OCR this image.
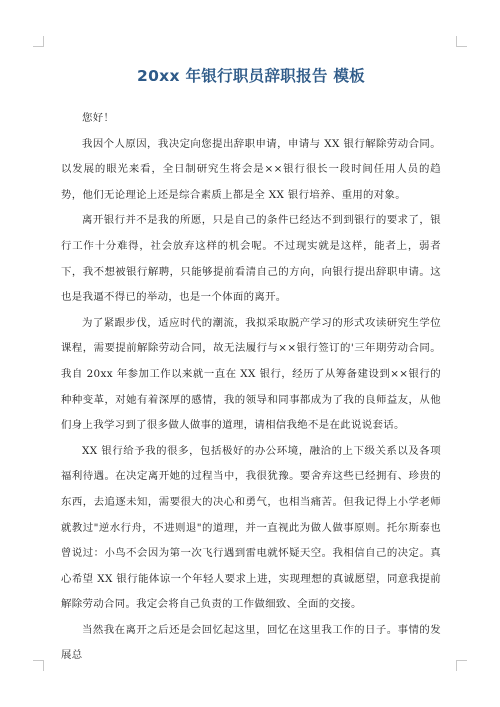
20xx 年银行职员辞职报告 模板

您好！

我因个人原因，我决定向您提出辞职申请，申请与 XX 银行解除劳动合同。以发展的眼光来看，全日制研究生将会是××银行很长一段时间任用人员的趋势，他们无论理论上还是综合素质上都是全 XX 银行培养、重用的对象。

离开银行并不是我的所愿，只是自己的条件已经达不到到银行的要求了，银行工作十分难得，社会放弃这样的机会呢。不过现实就是这样，能者上，弱者下，我不想被银行解聘，只能够提前看清自己的方向，向银行提出辞职申请。这也是我逼不得已的举动，也是一个体面的离开。

为了紧跟步伐，适应时代的潮流，我拟采取脱产学习的形式攻读研究生学位课程，需要提前解除劳动合同，故无法履行与××银行签订的'三年期劳动合同。我自 20xx 年参加工作以来就一直在 XX 银行，经历了从筹备建设到××银行的种种变革，对她有着深厚的感情，我的领导和同事都成为了我的良师益友，从他们身上我学习到了很多做人做事的道理，请相信我绝不是在此说说套话。

XX 银行给予我的很多，包括极好的办公环境，融洽的上下级关系以及各项福利待遇。在决定离开她的过程当中，我很犹豫。要舍弃这些已经拥有、珍贵的东西，去追逐未知，需要很大的决心和勇气，也相当痛苦。但我记得上小学老师就教过"逆水行舟，不进则退"的道理，并一直视此为做人做事原则。托尔斯泰也曾说过：小鸟不会因为第一次飞行遇到雷电就怀疑天空。我相信自己的决定。真心希望 XX 银行能体谅一个年轻人要求上进，实现理想的真诚愿望，同意我提前解除劳动合同。我定会将自己负责的工作做细致、全面的交接。

当然我在离开之后还是会回忆起这里，回忆在这里我工作的日子。事情的发展总
